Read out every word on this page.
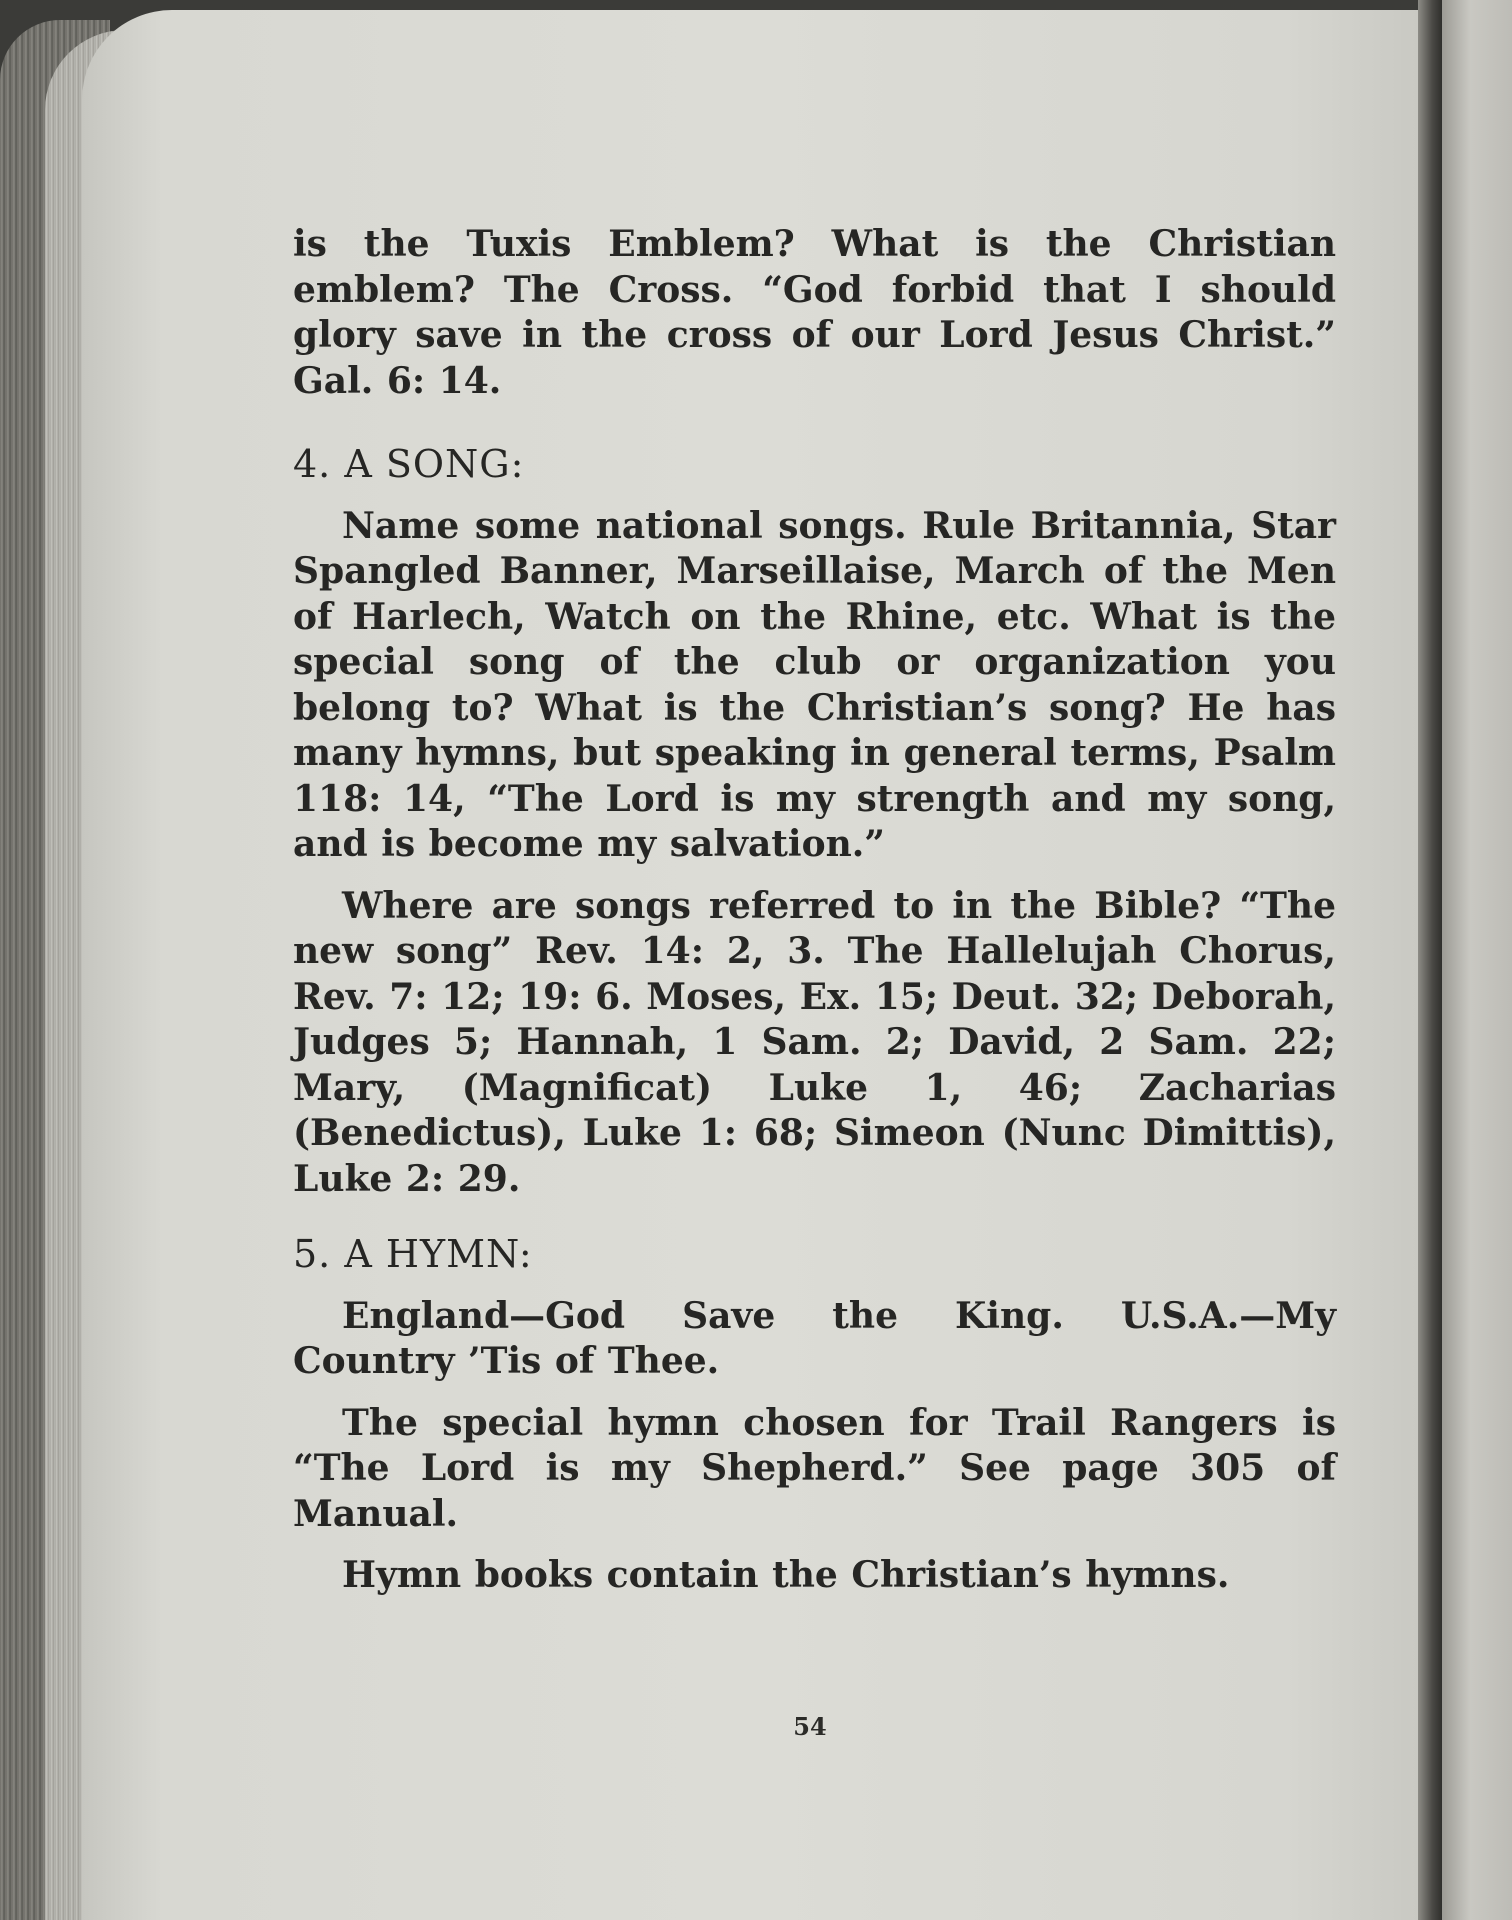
is the Tuxis Emblem? What is the Christian emblem? The Cross. “God forbid that I should glory save in the cross of our Lord Jesus Christ.” Gal. 6: 14.

4. A SONG:

Name some national songs. Rule Britannia, Star Spangled Banner, Marseillaise, March of the Men of Harlech, Watch on the Rhine, etc. What is the special song of the club or organization you belong to? What is the Christian’s song? He has many hymns, but speaking in general terms, Psalm 118: 14, “The Lord is my strength and my song, and is become my salvation.”

Where are songs referred to in the Bible? “The new song” Rev. 14: 2, 3. The Hallelujah Chorus, Rev. 7: 12; 19: 6. Moses, Ex. 15; Deut. 32; Deborah, Judges 5; Hannah, 1 Sam. 2; David, 2 Sam. 22; Mary, (Magnificat) Luke 1, 46; Zacharias (Benedictus), Luke 1: 68; Simeon (Nunc Dimittis), Luke 2: 29.

5. A HYMN:

England—God Save the King. U.S.A.—My Country ’Tis of Thee.

The special hymn chosen for Trail Rangers is “The Lord is my Shepherd.” See page 305 of Manual.

Hymn books contain the Christian’s hymns.

54
